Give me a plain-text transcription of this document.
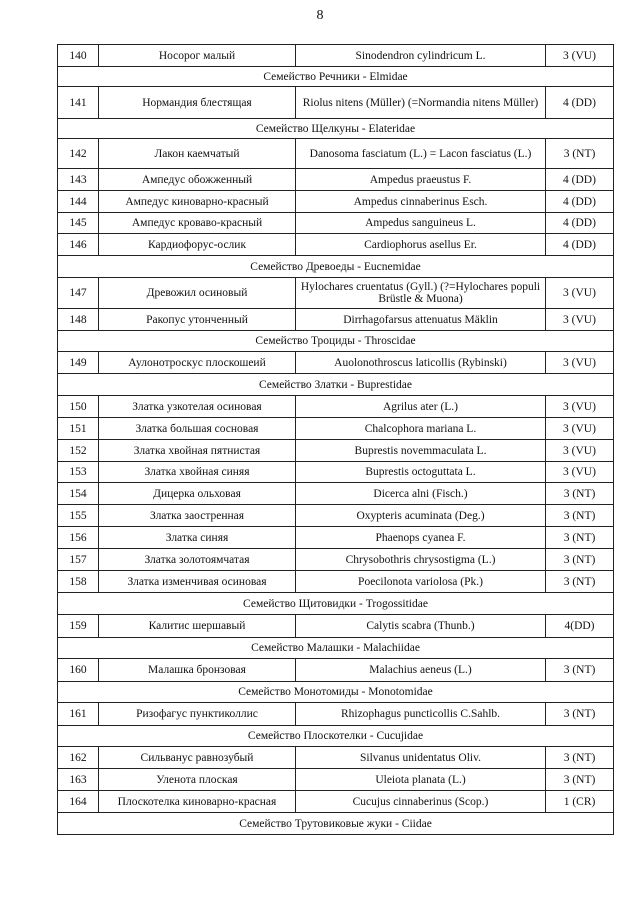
8
140	Носорог малый	Sinodendron cylindricum L.	3 (VU)
Семейство Речники - Elmidae			
141	Нормандия блестящая	Riolus nitens (Müller) (=Normandia nitens Müller)	4 (DD)
Семейство Щелкуны - Elateridae			
142	Лакон каемчатый	Danosoma fasciatum (L.) = Lacon fasciatus (L.)	3 (NT)
143	Ампедус обожженный	Ampedus praeustus F.	4 (DD)
144	Ампедус киноварно-красный	Ampedus cinnaberinus Esch.	4 (DD)
145	Ампедус кроваво-красный	Ampedus sanguineus L.	4 (DD)
146	Кардиофорус-ослик	Cardiophorus asellus Er.	4 (DD)
Семейство Древоеды - Eucnemidae			
147	Древожил осиновый	Hylochares cruentatus (Gyll.) (?=Hylochares populi Brüstle & Muona)	3 (VU)
148	Ракопус утонченный	Dirrhagofarsus attenuatus Mäklin	3 (VU)
Семейство Троциды - Throscidae			
149	Аулонотроскус плоскошеий	Auolonothroscus laticollis (Rybinski)	3 (VU)
Семейство Златки - Buprestidae			
150	Златка узкотелая осиновая	Agrilus ater (L.)	3 (VU)
151	Златка большая сосновая	Chalcophora mariana L.	3 (VU)
152	Златка хвойная пятнистая	Buprestis novemmaculata L.	3 (VU)
153	Златка хвойная синяя	Buprestis octoguttata L.	3 (VU)
154	Дицерка ольховая	Dicerca alni (Fisch.)	3 (NT)
155	Златка заостренная	Oxypteris acuminata (Deg.)	3 (NT)
156	Златка синяя	Phaenops cyanea F.	3 (NT)
157	Златка золотоямчатая	Chrysobothris chrysostigma (L.)	3 (NT)
158	Златка изменчивая осиновая	Poecilonota variolosa (Pk.)	3 (NT)
Семейство Щитовидки - Trogossitidae			
159	Калитис шершавый	Calytis scabra (Thunb.)	4(DD)
Семейство Малашки - Malachiidae			
160	Малашка бронзовая	Malachius aeneus (L.)	3 (NT)
Семейство Монотомиды - Monotomidae			
161	Ризофагус пунктиколлис	Rhizophagus puncticollis C.Sahlb.	3 (NT)
Семейство Плоскотелки - Cucujidae			
162	Сильванус равнозубый	Silvanus unidentatus Oliv.	3 (NT)
163	Уленота плоская	Uleiota planata (L.)	3 (NT)
164	Плоскотелка киноварно-красная	Cucujus cinnaberinus (Scop.)	1 (CR)
Семейство Трутовиковые жуки - Ciidae			
